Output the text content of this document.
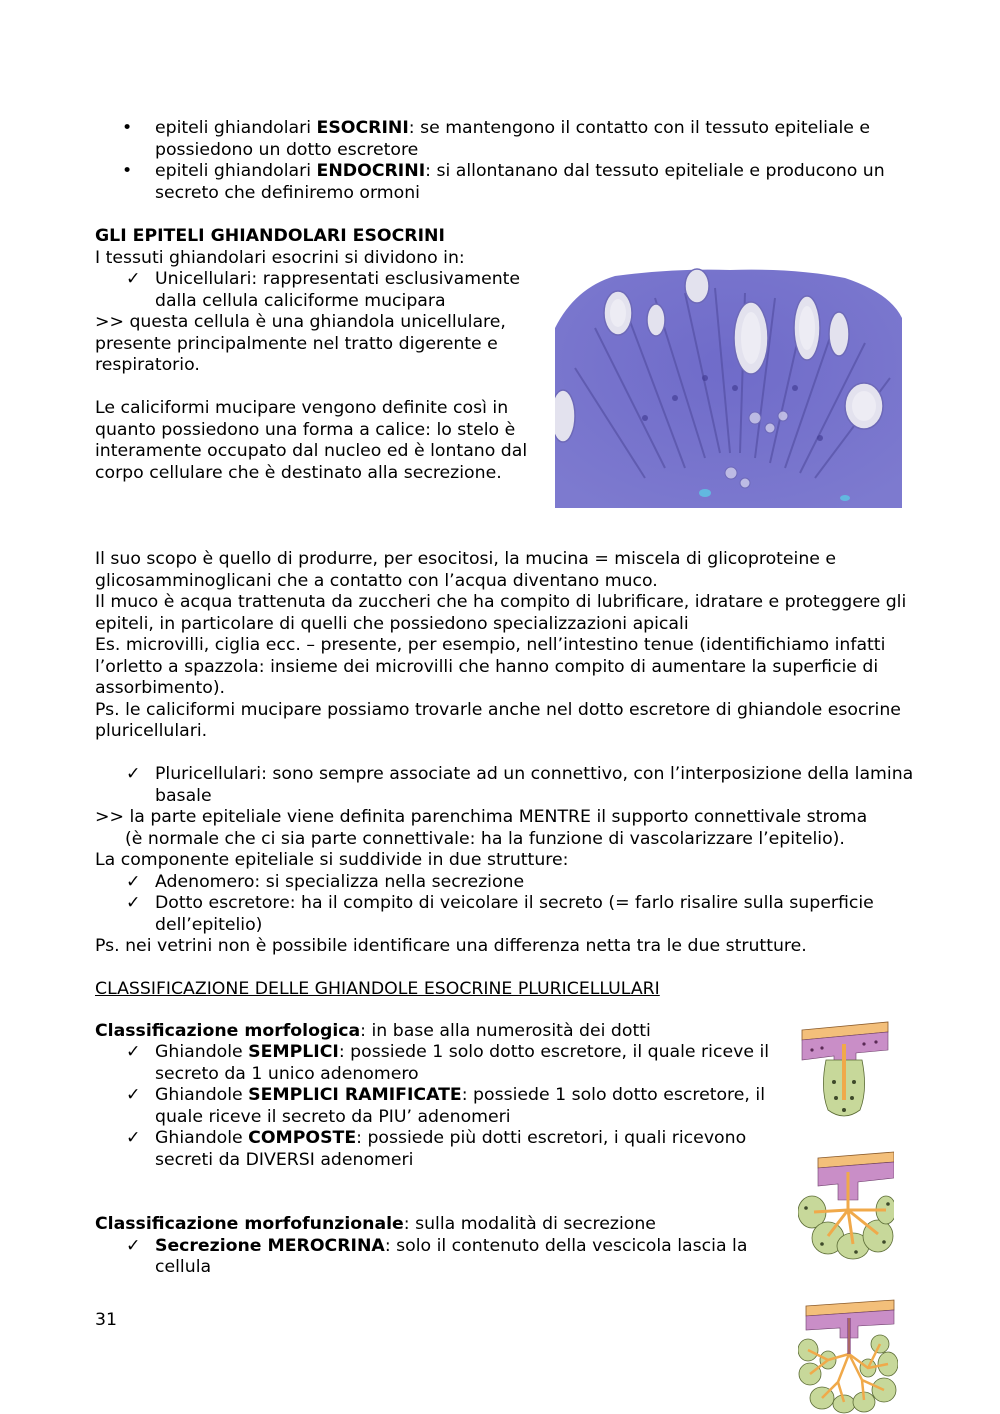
• epiteli ghiandolari ESOCRINI: se mantengono il contatto con il tessuto epiteliale e possiedono un dotto escretore
• epiteli ghiandolari ENDOCRINI: si allontanano dal tessuto epiteliale e producono un secreto che definiremo ormoni
GLI EPITELI GHIANDOLARI ESOCRINI
I tessuti ghiandolari esocrini si dividono in:
✓ Unicellulari: rappresentati esclusivamente dalla cellula caliciforme mucipara
>> questa cellula è una ghiandola unicellulare, presente principalmente nel tratto digerente e respiratorio.
Le caliciformi mucipare vengono definite così in quanto possiedono una forma a calice: lo stelo è interamente occupato dal nucleo ed è lontano dal corpo cellulare che è destinato alla secrezione.
Il suo scopo è quello di produrre, per esocitosi, la mucina = miscela di glicoproteine e glicosamminoglicani che a contatto con l’acqua diventano muco.
Il muco è acqua trattenuta da zuccheri che ha compito di lubrificare, idratare e proteggere gli epiteli, in particolare di quelli che possiedono specializzazioni apicali
Es. microvilli, ciglia ecc. – presente, per esempio, nell’intestino tenue (identifichiamo infatti l’orletto a spazzola: insieme dei microvilli che hanno compito di aumentare la superficie di assorbimento).
Ps. le caliciformi mucipare possiamo trovarle anche nel dotto escretore di ghiandole esocrine pluricellulari.
✓ Pluricellulari: sono sempre associate ad un connettivo, con l’interposizione della lamina basale
>> la parte epiteliale viene definita parenchima MENTRE il supporto connettivale stroma
(è normale che ci sia parte connettivale: ha la funzione di vascolarizzare l’epitelio).
La componente epiteliale si suddivide in due strutture:
✓ Adenomero: si specializza nella secrezione
✓ Dotto escretore: ha il compito di veicolare il secreto (= farlo risalire sulla superficie dell’epitelio)
Ps. nei vetrini non è possibile identificare una differenza netta tra le due strutture.
CLASSIFICAZIONE DELLE GHIANDOLE ESOCRINE PLURICELLULARI
Classificazione morfologica: in base alla numerosità dei dotti
✓ Ghiandole SEMPLICI: possiede 1 solo dotto escretore, il quale riceve il secreto da 1 unico adenomero
✓ Ghiandole SEMPLICI RAMIFICATE: possiede 1 solo dotto escretore, il quale riceve il secreto da PIU’ adenomeri
✓ Ghiandole COMPOSTE: possiede più dotti escretori, i quali ricevono secreti da DIVERSI adenomeri
Classificazione morfofunzionale: sulla modalità di secrezione
✓ Secrezione MEROCRINA: solo il contenuto della vescicola lascia la cellula
31
